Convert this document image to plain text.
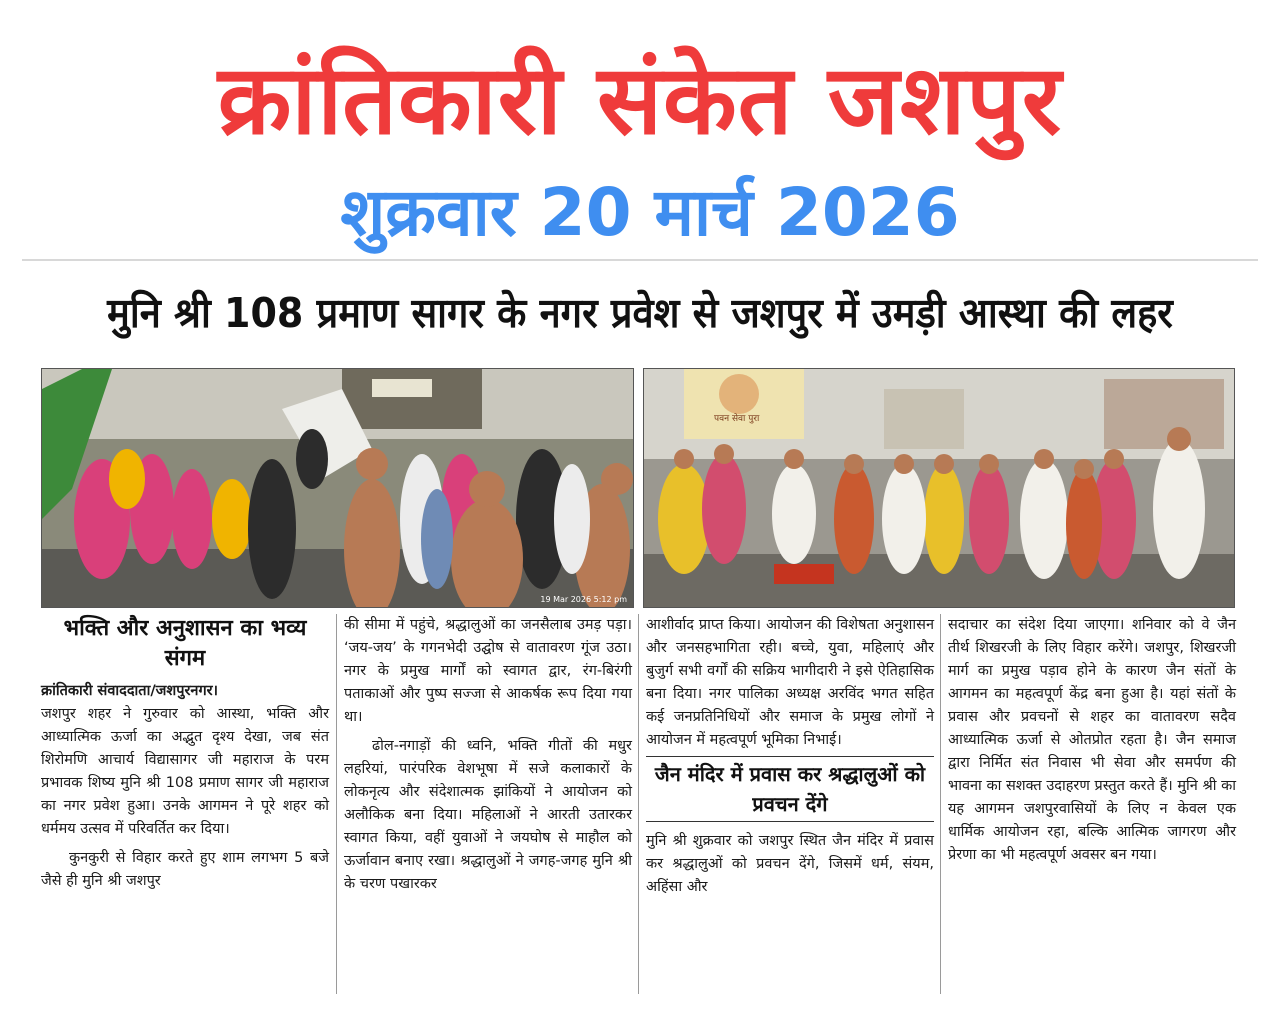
क्रांतिकारी संकेत जशपुर
शुक्रवार 20 मार्च 2026
मुनि श्री 108 प्रमाण सागर के नगर प्रवेश से जशपुर में उमड़ी आस्था की लहर
19 Mar 2026 5:12 pm
पवन सेवा पुरा
भक्ति और अनुशासन का भव्य संगम

क्रांतिकारी संवाददाता/जशपुरनगर।

जशपुर शहर ने गुरुवार को आस्था, भक्ति और आध्यात्मिक ऊर्जा का अद्भुत दृश्य देखा, जब संत शिरोमणि आचार्य विद्यासागर जी महाराज के परम प्रभावक शिष्य मुनि श्री 108 प्रमाण सागर जी महाराज का नगर प्रवेश हुआ। उनके आगमन ने पूरे शहर को धर्ममय उत्सव में परिवर्तित कर दिया।

कुनकुरी से विहार करते हुए शाम लगभग 5 बजे जैसे ही मुनि श्री जशपुर

की सीमा में पहुंचे, श्रद्धालुओं का जनसैलाब उमड़ पड़ा। ‘जय-जय’ के गगनभेदी उद्घोष से वातावरण गूंज उठा। नगर के प्रमुख मार्गों को स्वागत द्वार, रंग-बिरंगी पताकाओं और पुष्प सज्जा से आकर्षक रूप दिया गया था।

ढोल-नगाड़ों की ध्वनि, भक्ति गीतों की मधुर लहरियां, पारंपरिक वेशभूषा में सजे कलाकारों के लोकनृत्य और संदेशात्मक झांकियों ने आयोजन को अलौकिक बना दिया। महिलाओं ने आरती उतारकर स्वागत किया, वहीं युवाओं ने जयघोष से माहौल को ऊर्जावान बनाए रखा। श्रद्धालुओं ने जगह-जगह मुनि श्री के चरण पखारकर

आशीर्वाद प्राप्त किया। आयोजन की विशेषता अनुशासन और जनसहभागिता रही। बच्चे, युवा, महिलाएं और बुजुर्ग सभी वर्गों की सक्रिय भागीदारी ने इसे ऐतिहासिक बना दिया। नगर पालिका अध्यक्ष अरविंद भगत सहित कई जनप्रतिनिधियों और समाज के प्रमुख लोगों ने आयोजन में महत्वपूर्ण भूमिका निभाई।

जैन मंदिर में प्रवास कर श्रद्धालुओं को प्रवचन देंगे

मुनि श्री शुक्रवार को जशपुर स्थित जैन मंदिर में प्रवास कर श्रद्धालुओं को प्रवचन देंगे, जिसमें धर्म, संयम, अहिंसा और

सदाचार का संदेश दिया जाएगा। शनिवार को वे जैन तीर्थ शिखरजी के लिए विहार करेंगे। जशपुर, शिखरजी मार्ग का प्रमुख पड़ाव होने के कारण जैन संतों के आगमन का महत्वपूर्ण केंद्र बना हुआ है। यहां संतों के प्रवास और प्रवचनों से शहर का वातावरण सदैव आध्यात्मिक ऊर्जा से ओतप्रोत रहता है। जैन समाज द्वारा निर्मित संत निवास भी सेवा और समर्पण की भावना का सशक्त उदाहरण प्रस्तुत करते हैं। मुनि श्री का यह आगमन जशपुरवासियों के लिए न केवल एक धार्मिक आयोजन रहा, बल्कि आत्मिक जागरण और प्रेरणा का भी महत्वपूर्ण अवसर बन गया।
